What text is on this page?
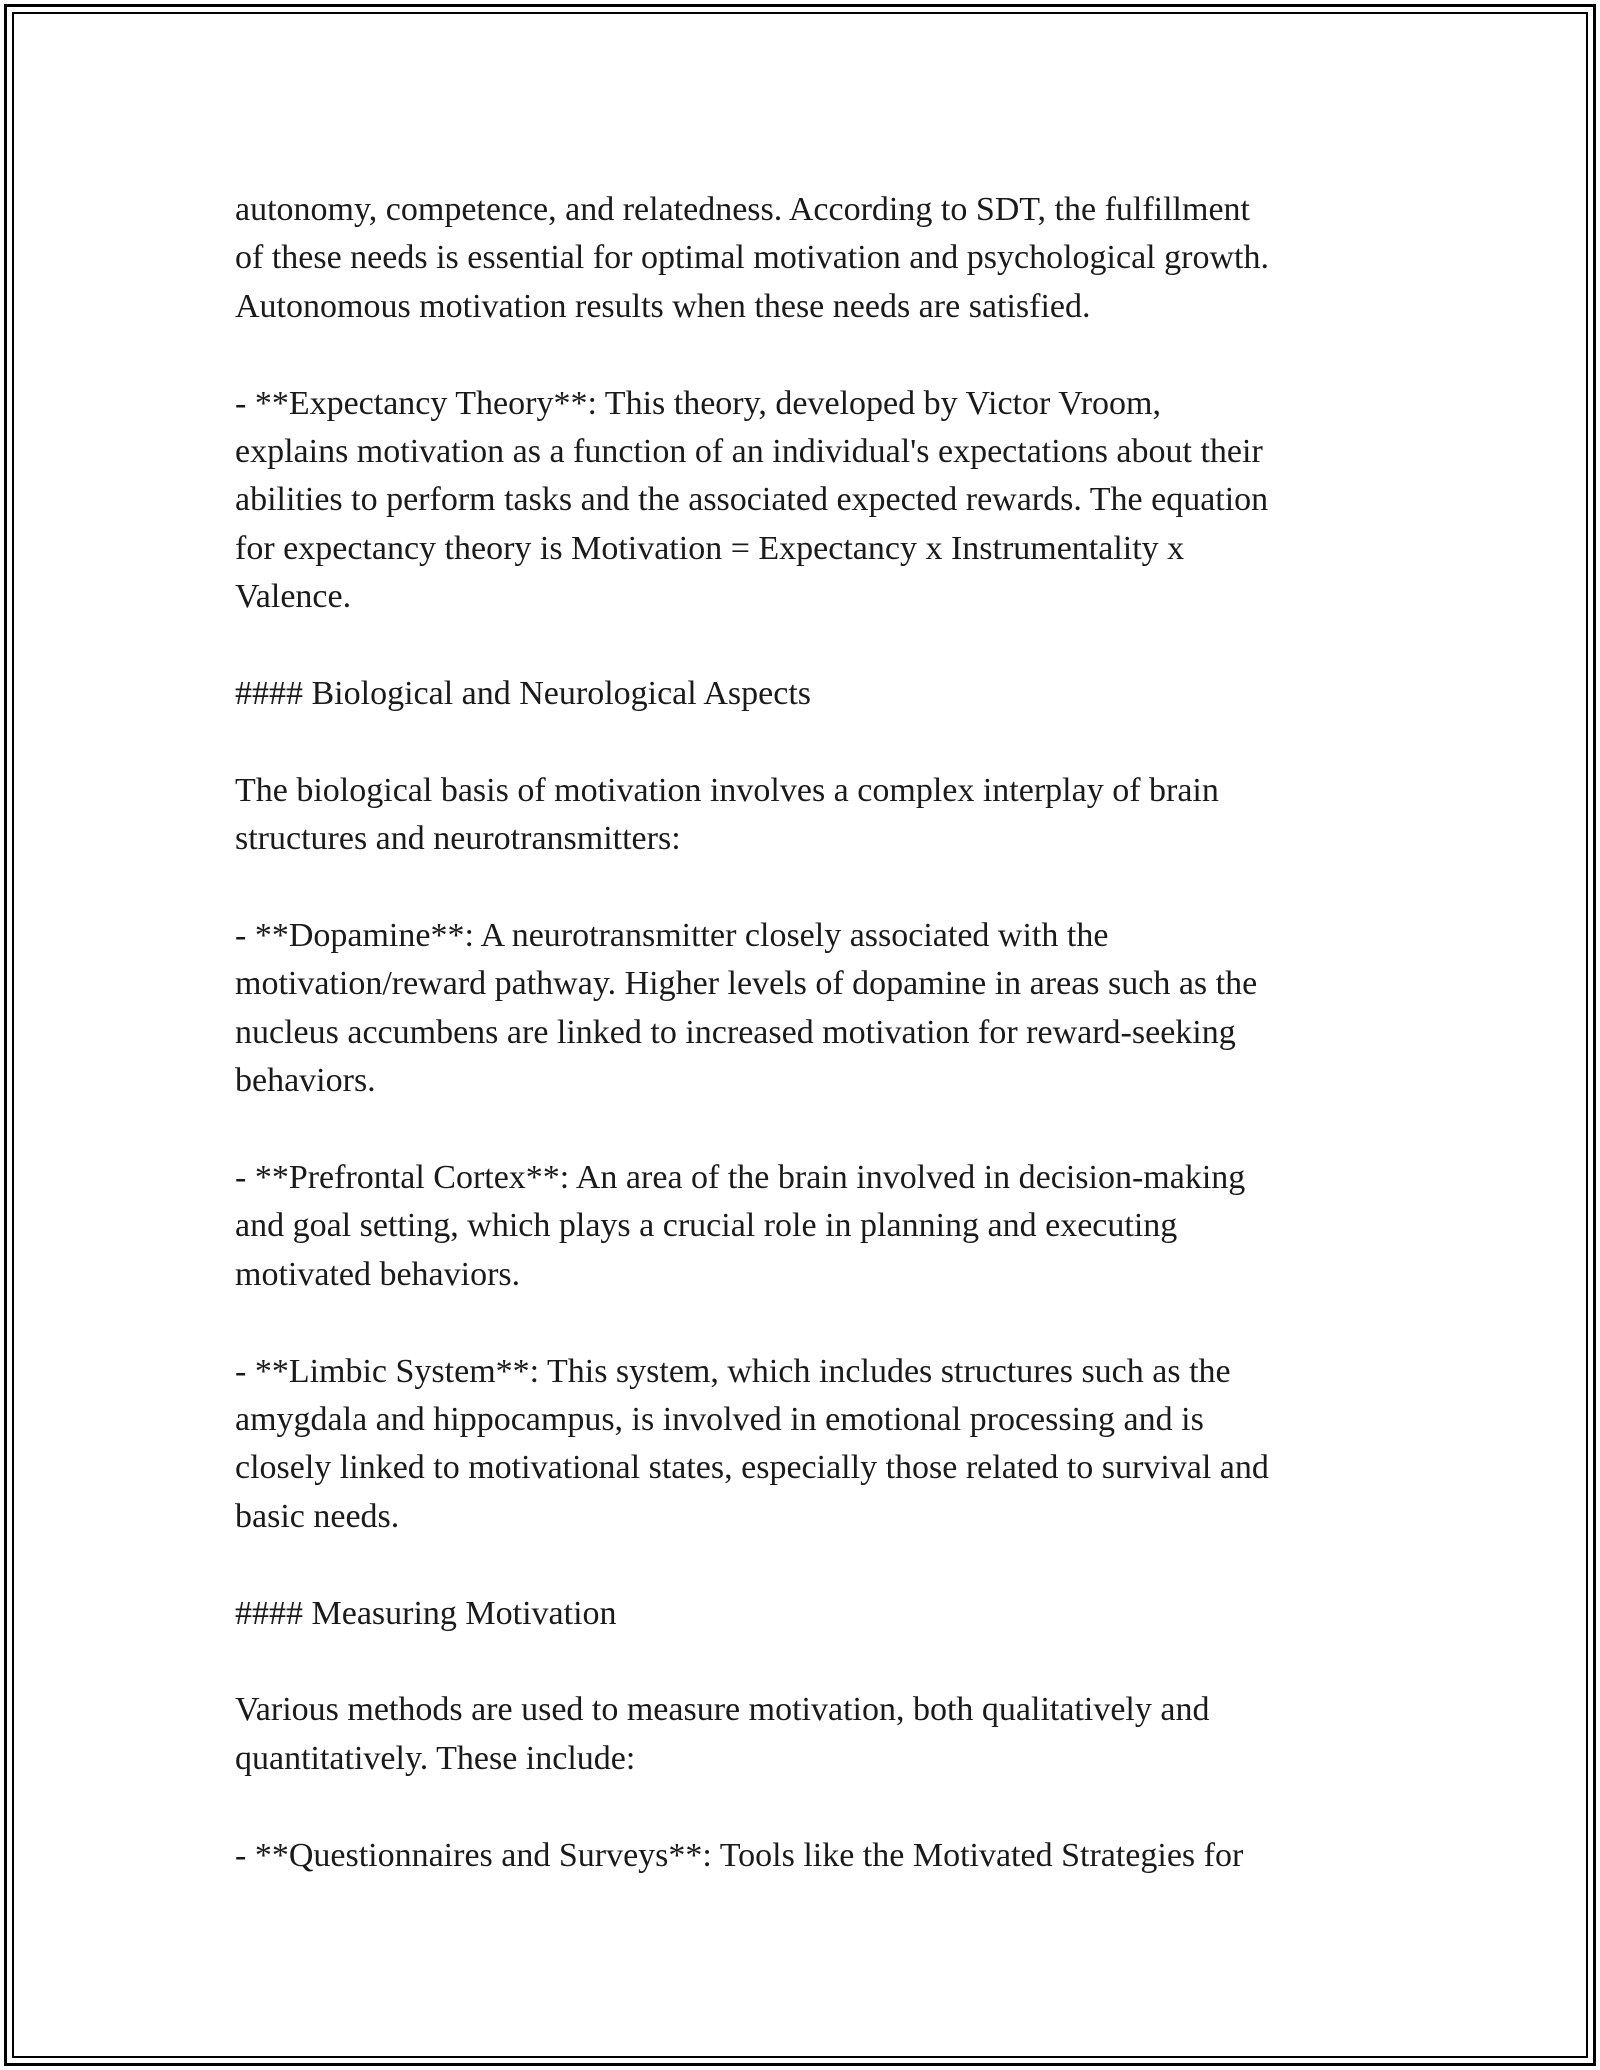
autonomy, competence, and relatedness. According to SDT, the fulfillment
of these needs is essential for optimal motivation and psychological growth.
Autonomous motivation results when these needs are satisfied.

- **Expectancy Theory**: This theory, developed by Victor Vroom,
explains motivation as a function of an individual's expectations about their
abilities to perform tasks and the associated expected rewards. The equation
for expectancy theory is Motivation = Expectancy x Instrumentality x
Valence.

#### Biological and Neurological Aspects

The biological basis of motivation involves a complex interplay of brain
structures and neurotransmitters:

- **Dopamine**: A neurotransmitter closely associated with the
motivation/reward pathway. Higher levels of dopamine in areas such as the
nucleus accumbens are linked to increased motivation for reward-seeking
behaviors.

- **Prefrontal Cortex**: An area of the brain involved in decision-making
and goal setting, which plays a crucial role in planning and executing
motivated behaviors.

- **Limbic System**: This system, which includes structures such as the
amygdala and hippocampus, is involved in emotional processing and is
closely linked to motivational states, especially those related to survival and
basic needs.

#### Measuring Motivation

Various methods are used to measure motivation, both qualitatively and
quantitatively. These include:

- **Questionnaires and Surveys**: Tools like the Motivated Strategies for
